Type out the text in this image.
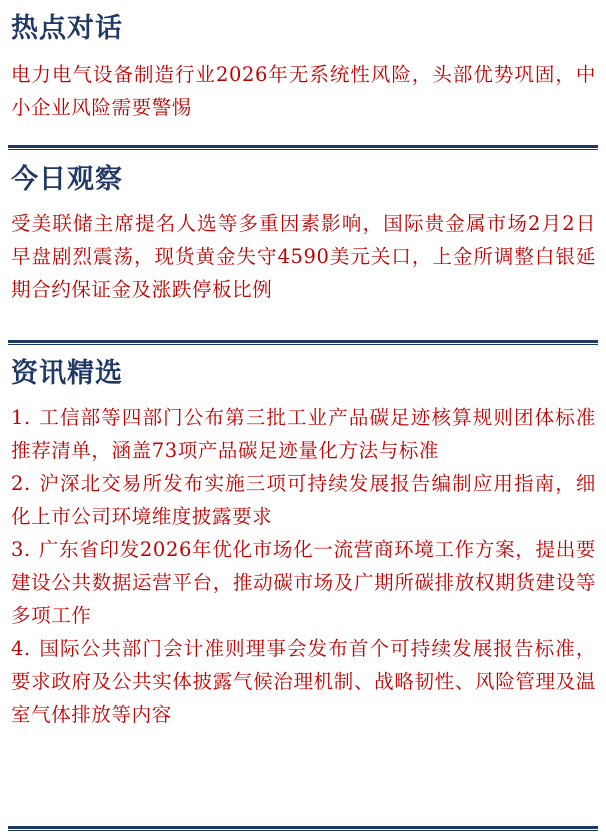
热点对话

电力电气设备制造行业2026年无系统性风险，头部优势巩固，中小企业风险需要警惕

今日观察

受美联储主席提名人选等多重因素影响，国际贵金属市场2月2日早盘剧烈震荡，现货黄金失守4590美元关口，上金所调整白银延期合约保证金及涨跌停板比例

资讯精选

1. 工信部等四部门公布第三批工业产品碳足迹核算规则团体标准推荐清单，涵盖73项产品碳足迹量化方法与标准

2. 沪深北交易所发布实施三项可持续发展报告编制应用指南，细化上市公司环境维度披露要求

3. 广东省印发2026年优化市场化一流营商环境工作方案，提出要建设公共数据运营平台，推动碳市场及广期所碳排放权期货建设等多项工作

4. 国际公共部门会计准则理事会发布首个可持续发展报告标准，要求政府及公共实体披露气候治理机制、战略韧性、风险管理及温室气体排放等内容
